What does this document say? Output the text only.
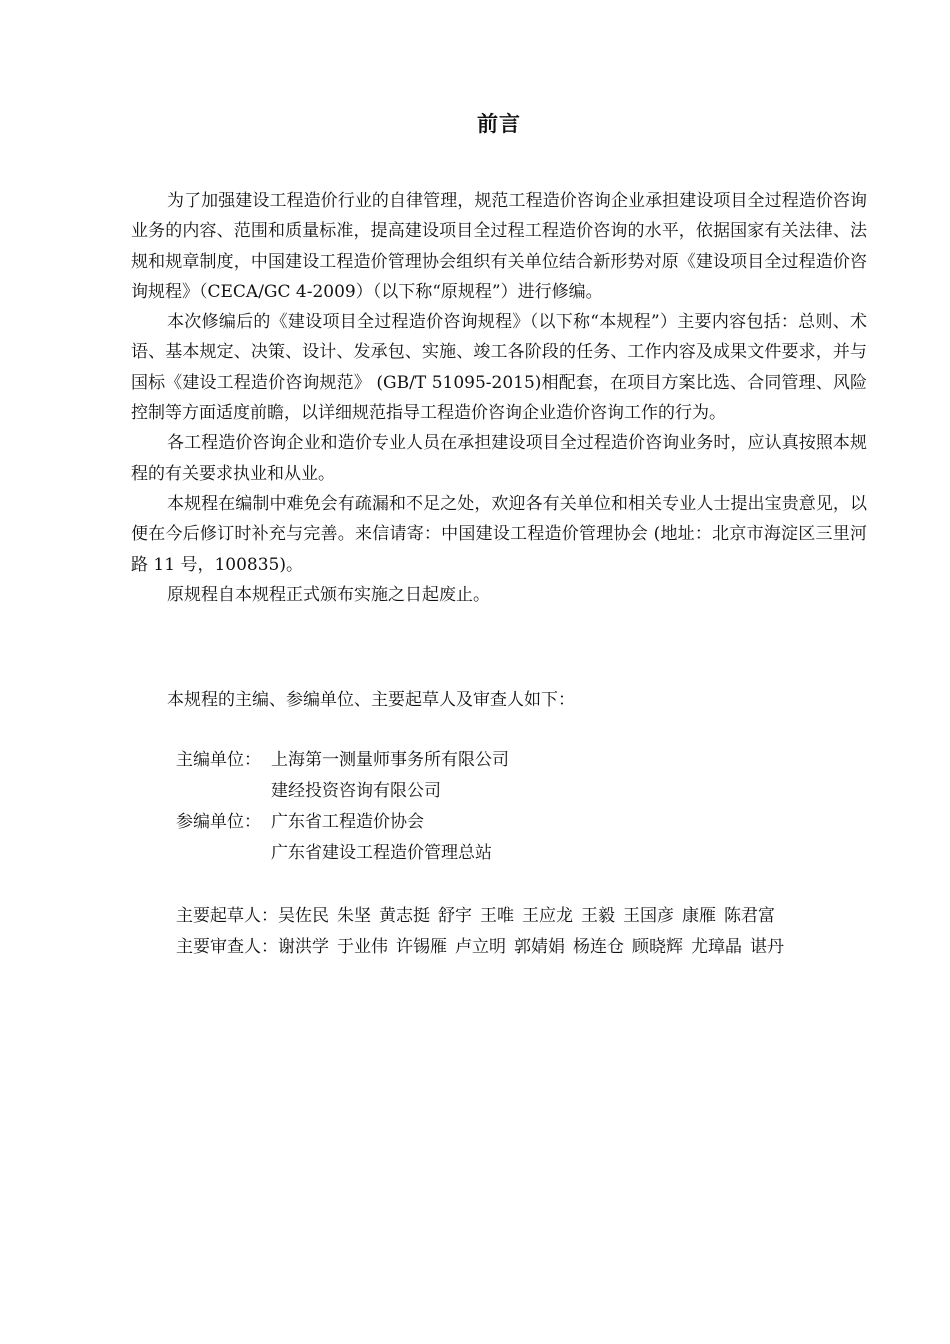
前言

为了加强建设工程造价行业的自律管理，规范工程造价咨询企业承担建设项目全过程造价咨询业务的内容、范围和质量标准，提高建设项目全过程工程造价咨询的水平，依据国家有关法律、法规和规章制度，中国建设工程造价管理协会组织有关单位结合新形势对原《建设项目全过程造价咨询规程》（CECA/GC 4-2009）（以下称“原规程”）进行修编。

本次修编后的《建设项目全过程造价咨询规程》（以下称“本规程”）主要内容包括：总则、术语、基本规定、决策、设计、发承包、实施、竣工各阶段的任务、工作内容及成果文件要求，并与国标《建设工程造价咨询规范》 (GB/T 51095-2015)相配套，在项目方案比选、合同管理、风险控制等方面适度前瞻，以详细规范指导工程造价咨询企业造价咨询工作的行为。

各工程造价咨询企业和造价专业人员在承担建设项目全过程造价咨询业务时，应认真按照本规程的有关要求执业和从业。

本规程在编制中难免会有疏漏和不足之处，欢迎各有关单位和相关专业人士提出宝贵意见，以便在今后修订时补充与完善。来信请寄：中国建设工程造价管理协会 (地址：北京市海淀区三里河路 11 号，100835)。

原规程自本规程正式颁布实施之日起废止。

本规程的主编、参编单位、主要起草人及审查人如下：

主编单位： 上海第一测量师事务所有限公司
建经投资咨询有限公司
参编单位： 广东省工程造价协会
广东省建设工程造价管理总站
主要起草人：吴佐民 朱坚 黄志挺 舒宇 王唯 王应龙 王毅 王国彦 康雁 陈君富
主要审查人：谢洪学 于业伟 许锡雁 卢立明 郭婧娟 杨连仓 顾晓辉 尤璋晶 谌丹
